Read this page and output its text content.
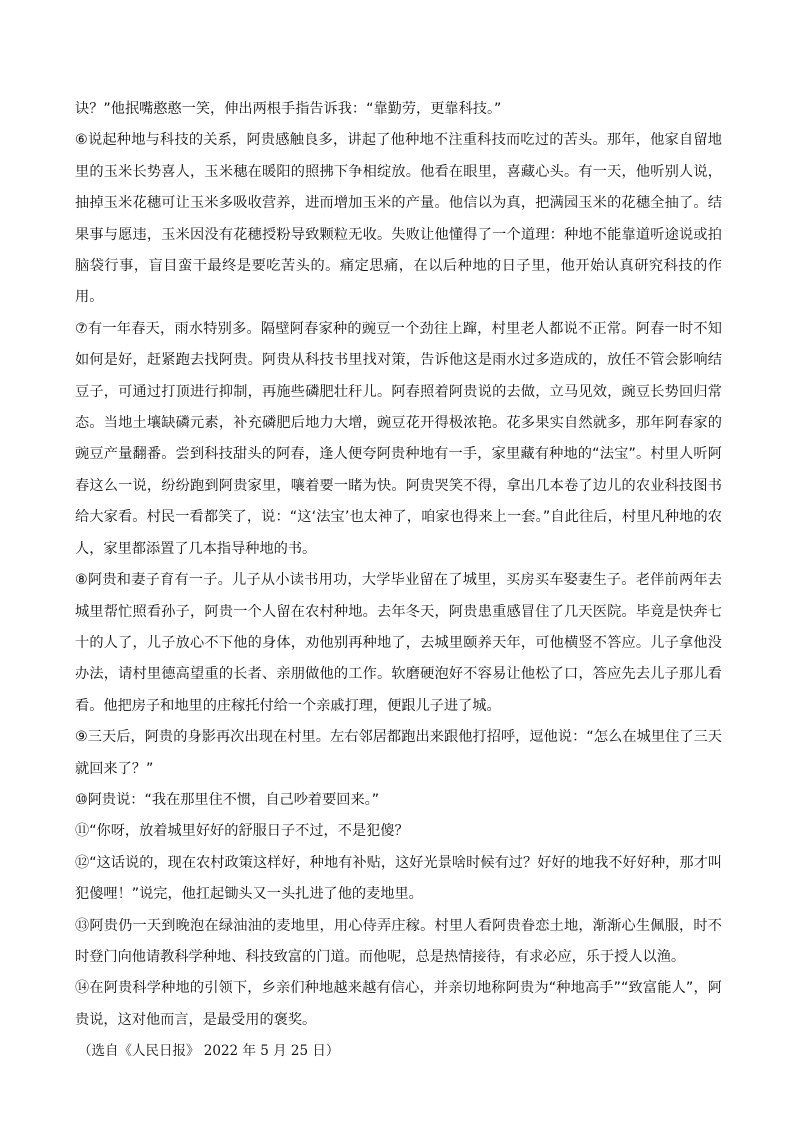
诀？”他抿嘴憨憨一笑，伸出两根手指告诉我：“靠勤劳，更靠科技。”

⑥说起种地与科技的关系，阿贵感触良多，讲起了他种地不注重科技而吃过的苦头。那年，他家自留地里的玉米长势喜人，玉米穗在暖阳的照拂下争相绽放。他看在眼里，喜藏心头。有一天，他听别人说，抽掉玉米花穗可让玉米多吸收营养，进而增加玉米的产量。他信以为真，把满园玉米的花穗全抽了。结果事与愿违，玉米因没有花穗授粉导致颗粒无收。失败让他懂得了一个道理：种地不能靠道听途说或拍脑袋行事，盲目蛮干最终是要吃苦头的。痛定思痛，在以后种地的日子里，他开始认真研究科技的作用。

⑦有一年春天，雨水特别多。隔壁阿春家种的豌豆一个劲往上蹿，村里老人都说不正常。阿春一时不知如何是好，赶紧跑去找阿贵。阿贵从科技书里找对策，告诉他这是雨水过多造成的，放任不管会影响结豆子，可通过打顶进行抑制，再施些磷肥壮秆儿。阿春照着阿贵说的去做，立马见效，豌豆长势回归常态。当地土壤缺磷元素，补充磷肥后地力大增，豌豆花开得极浓艳。花多果实自然就多，那年阿春家的豌豆产量翻番。尝到科技甜头的阿春，逢人便夸阿贵种地有一手，家里藏有种地的“法宝”。村里人听阿春这么一说，纷纷跑到阿贵家里，嚷着要一睹为快。阿贵哭笑不得，拿出几本卷了边儿的农业科技图书给大家看。村民一看都笑了，说：“这‘法宝’也太神了，咱家也得来上一套。”自此往后，村里凡种地的农人，家里都添置了几本指导种地的书。

⑧阿贵和妻子育有一子。儿子从小读书用功，大学毕业留在了城里，买房买车娶妻生子。老伴前两年去城里帮忙照看孙子，阿贵一个人留在农村种地。去年冬天，阿贵患重感冒住了几天医院。毕竟是快奔七十的人了，儿子放心不下他的身体，劝他别再种地了，去城里颐养天年，可他横竖不答应。儿子拿他没办法，请村里德高望重的长者、亲朋做他的工作。软磨硬泡好不容易让他松了口，答应先去儿子那儿看看。他把房子和地里的庄稼托付给一个亲戚打理，便跟儿子进了城。

⑨三天后，阿贵的身影再次出现在村里。左右邻居都跑出来跟他打招呼，逗他说：“怎么在城里住了三天就回来了？”

⑩阿贵说：“我在那里住不惯，自己吵着要回来。”

⑪“你呀，放着城里好好的舒服日子不过，不是犯傻？

⑫“这话说的，现在农村政策这样好，种地有补贴，这好光景啥时候有过？好好的地我不好好种，那才叫犯傻哩！”说完，他扛起锄头又一头扎进了他的麦地里。

⑬阿贵仍一天到晚泡在绿油油的麦地里，用心侍弄庄稼。村里人看阿贵眷恋土地，渐渐心生佩服，时不时登门向他请教科学种地、科技致富的门道。而他呢，总是热情接待，有求必应，乐于授人以渔。

⑭在阿贵科学种地的引领下，乡亲们种地越来越有信心，并亲切地称阿贵为“种地高手”“致富能人”，阿贵说，这对他而言，是最受用的褒奖。

（选自《人民日报》 2022 年 5 月 25 日）
